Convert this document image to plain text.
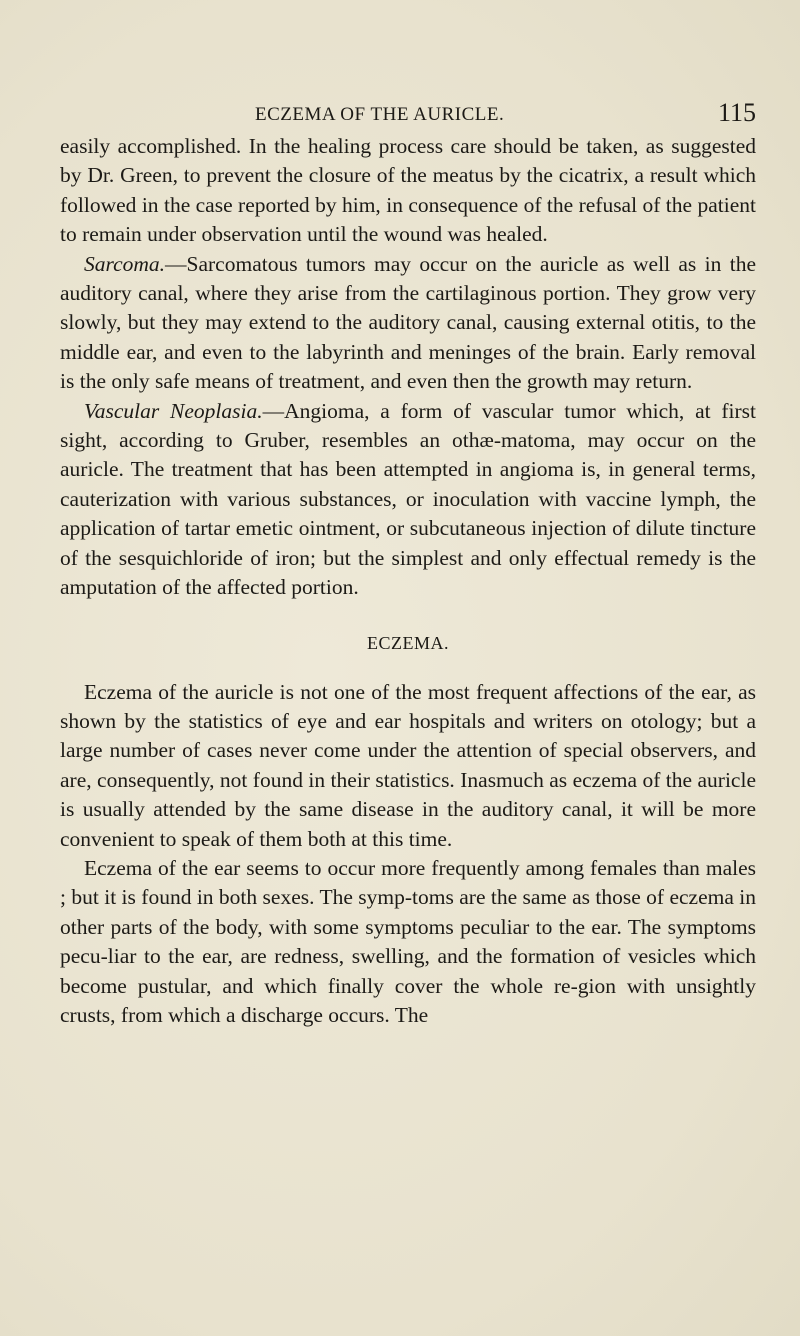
ECZEMA OF THE AURICLE.	115

easily accomplished. In the healing process care should be taken, as suggested by Dr. Green, to prevent the closure of the meatus by the cicatrix, a result which followed in the case reported by him, in consequence of the refusal of the patient to remain under observation until the wound was healed.

Sarcoma.—Sarcomatous tumors may occur on the auricle as well as in the auditory canal, where they arise from the cartilaginous portion. They grow very slowly, but they may extend to the auditory canal, causing external otitis, to the middle ear, and even to the labyrinth and meninges of the brain. Early removal is the only safe means of treatment, and even then the growth may return.

Vascular Neoplasia.—Angioma, a form of vascular tumor which, at first sight, according to Gruber, resembles an othæ-matoma, may occur on the auricle. The treatment that has been attempted in angioma is, in general terms, cauterization with various substances, or inoculation with vaccine lymph, the application of tartar emetic ointment, or subcutaneous injection of dilute tincture of the sesquichloride of iron; but the simplest and only effectual remedy is the amputation of the affected portion.

ECZEMA.

Eczema of the auricle is not one of the most frequent affections of the ear, as shown by the statistics of eye and ear hospitals and writers on otology; but a large number of cases never come under the attention of special observers, and are, consequently, not found in their statistics. Inasmuch as eczema of the auricle is usually attended by the same disease in the auditory canal, it will be more convenient to speak of them both at this time.

Eczema of the ear seems to occur more frequently among females than males ; but it is found in both sexes. The symp-toms are the same as those of eczema in other parts of the body, with some symptoms peculiar to the ear. The symptoms pecu-liar to the ear, are redness, swelling, and the formation of vesicles which become pustular, and which finally cover the whole re-gion with unsightly crusts, from which a discharge occurs. The
